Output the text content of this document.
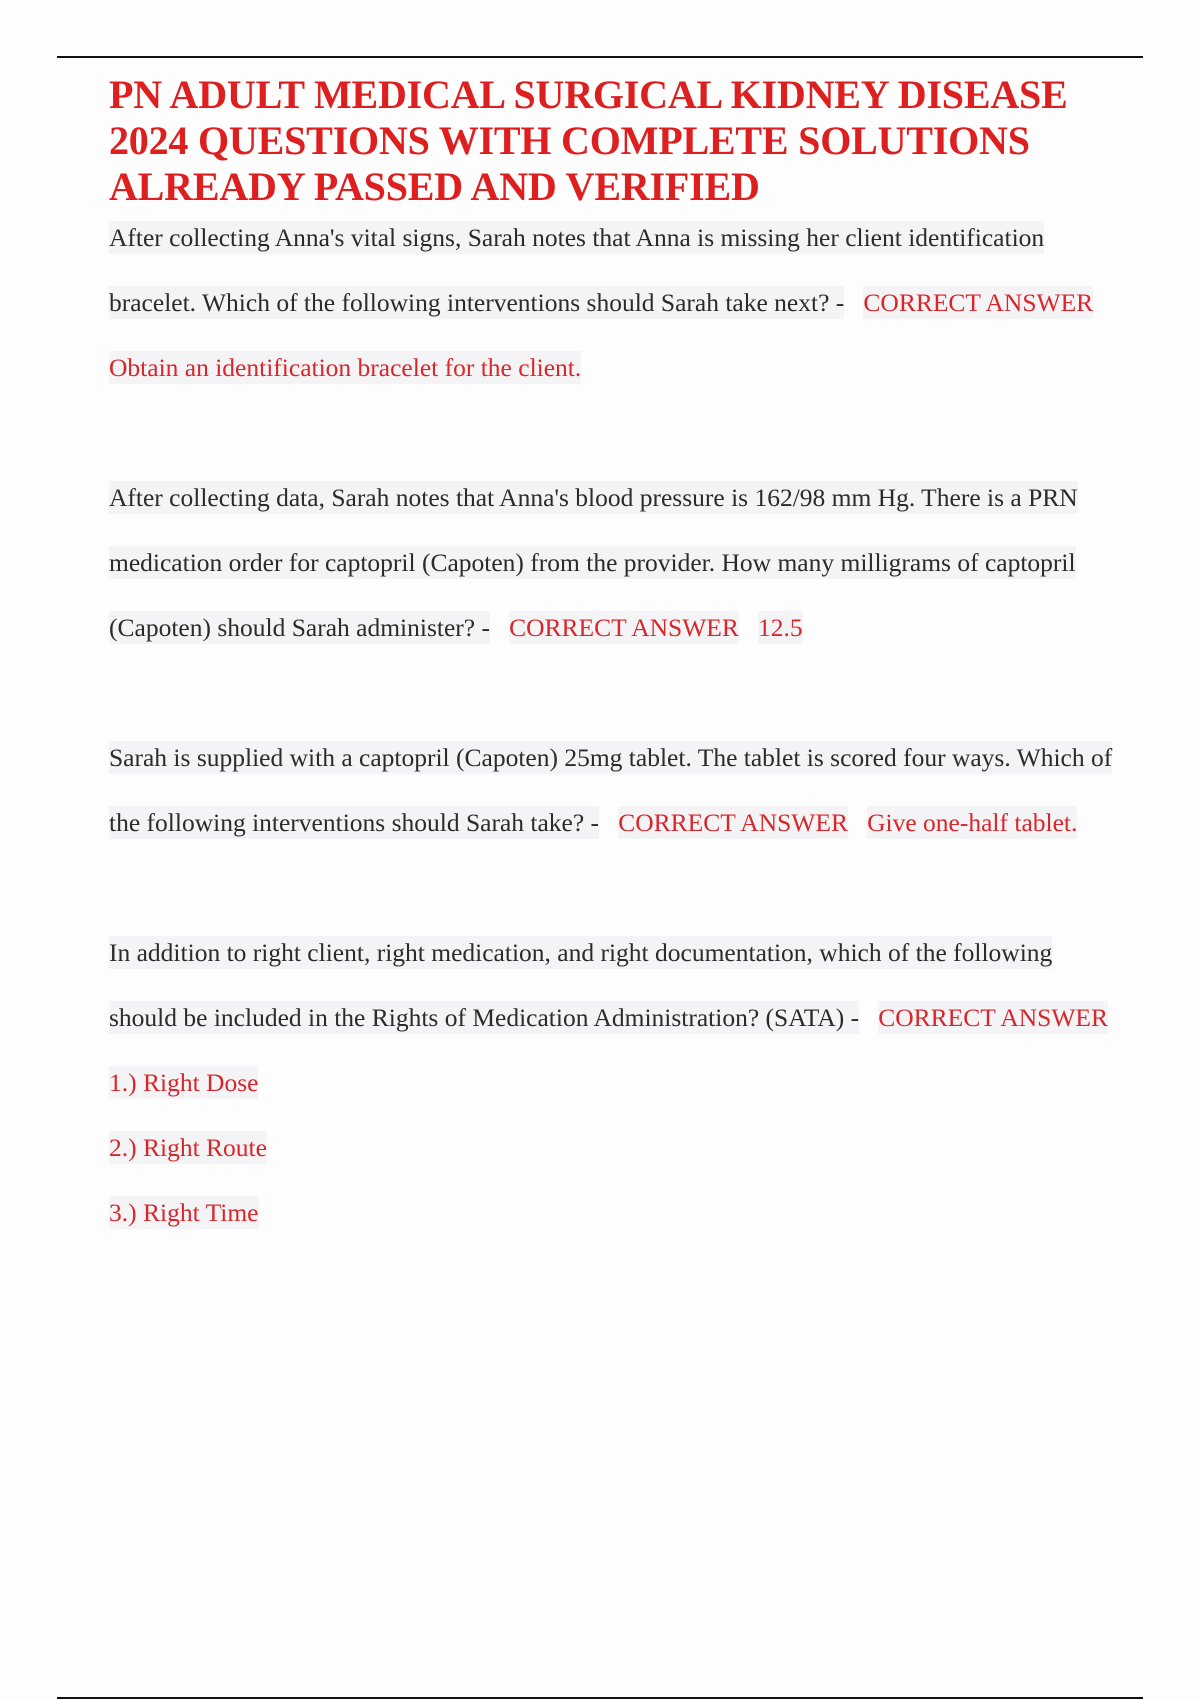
PN ADULT MEDICAL SURGICAL KIDNEY DISEASE 2024 QUESTIONS WITH COMPLETE SOLUTIONS ALREADY PASSED AND VERIFIED

After collecting Anna's vital signs, Sarah notes that Anna is missing her client identification bracelet. Which of the following interventions should Sarah take next? - CORRECT ANSWER   Obtain an identification bracelet for the client.

After collecting data, Sarah notes that Anna's blood pressure is 162/98 mm Hg. There is a PRN medication order for captopril (Capoten) from the provider. How many milligrams of captopril (Capoten) should Sarah administer? - CORRECT ANSWER 12.5

Sarah is supplied with a captopril (Capoten) 25mg tablet. The tablet is scored four ways. Which of the following interventions should Sarah take? - CORRECT ANSWER Give one-half tablet.

In addition to right client, right medication, and right documentation, which of the following should be included in the Rights of Medication Administration? (SATA) - CORRECT ANSWER   1.) Right Dose
2.) Right Route
3.) Right Time
